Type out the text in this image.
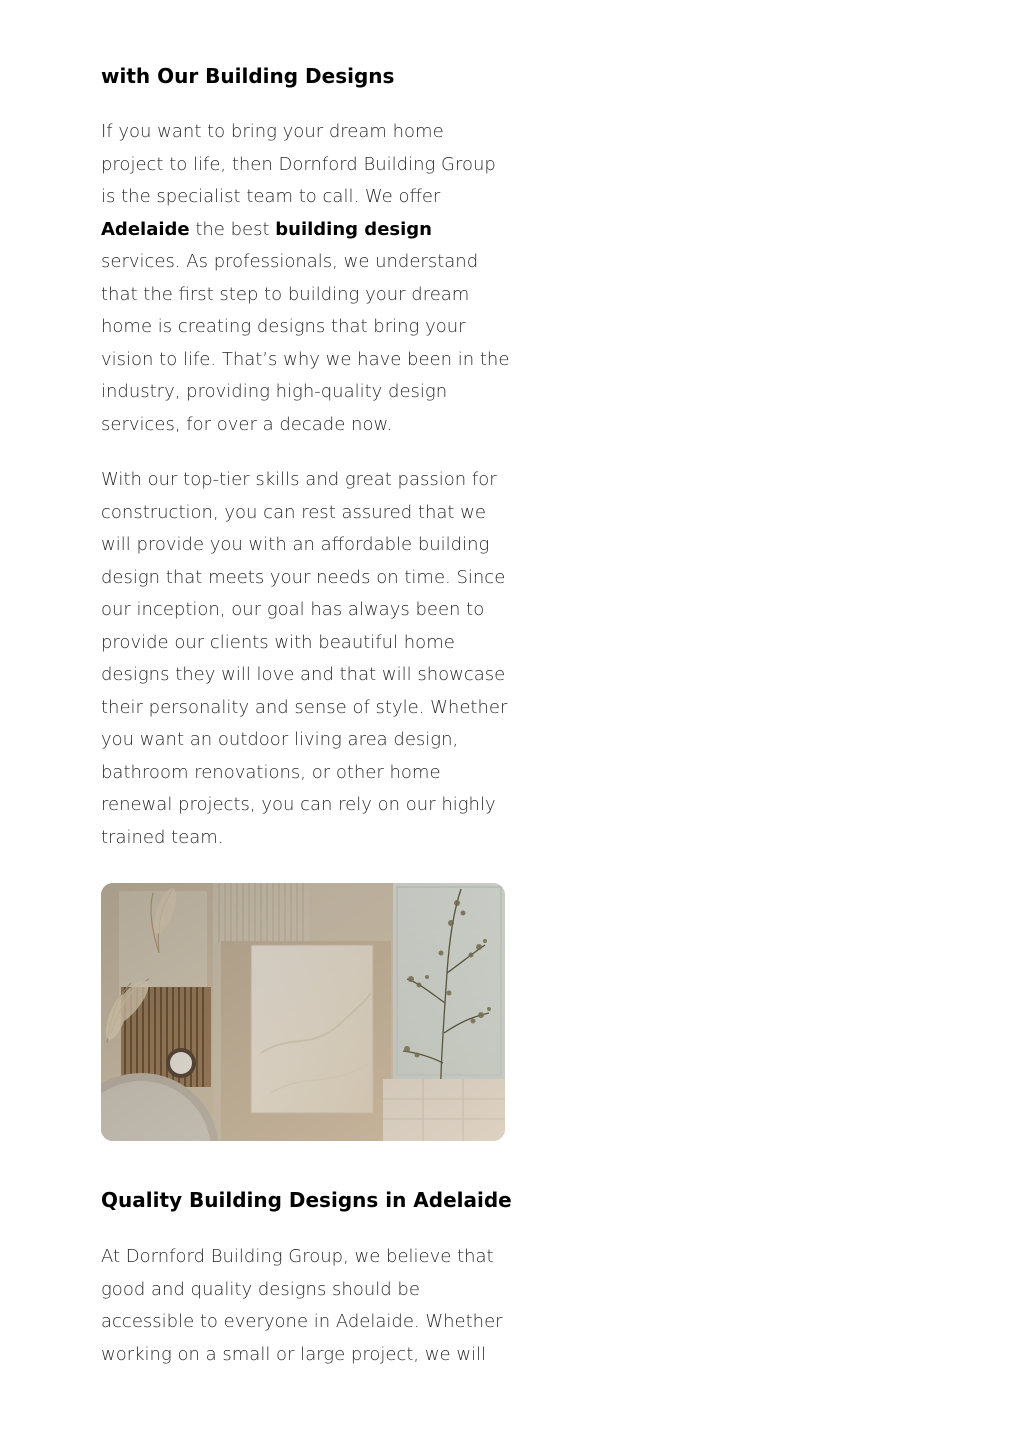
with Our Building Designs

If you want to bring your dream home project to life, then Dornford Building Group is the specialist team to call. We offer Adelaide the best building design services. As professionals, we understand that the first step to building your dream home is creating designs that bring your vision to life. That’s why we have been in the industry, providing high-quality design services, for over a decade now.

With our top-tier skills and great passion for construction, you can rest assured that we will provide you with an affordable building design that meets your needs on time. Since our inception, our goal has always been to provide our clients with beautiful home designs they will love and that will showcase their personality and sense of style. Whether you want an outdoor living area design, bathroom renovations, or other home renewal projects, you can rely on our highly trained team.

Quality Building Designs in Adelaide

At Dornford Building Group, we believe that good and quality designs should be accessible to everyone in Adelaide. Whether working on a small or large project, we will
